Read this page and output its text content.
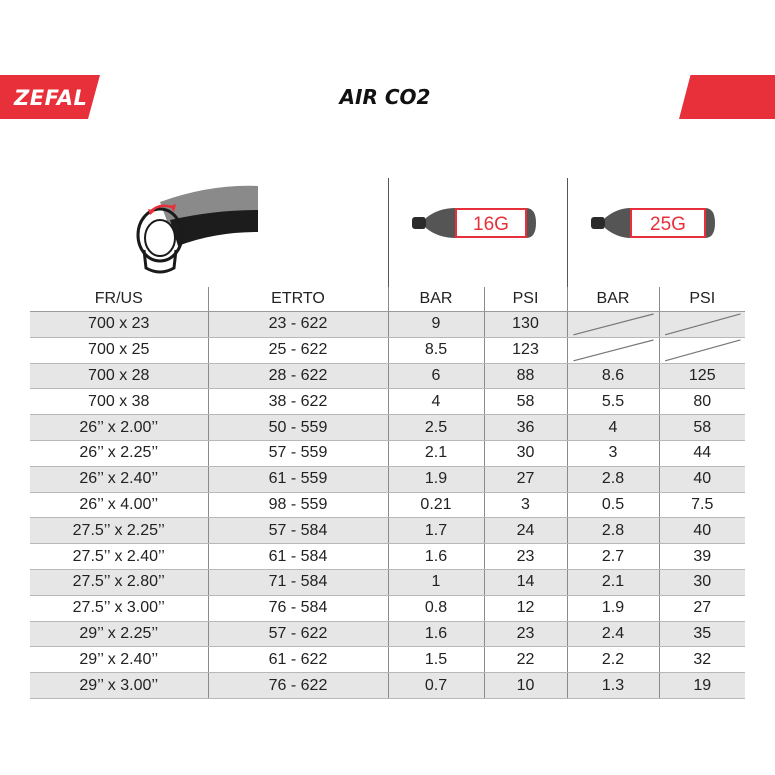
ZEFAL	AIR CO2
16G	25G
FR/US	ETRTO	BAR	PSI	BAR	PSI
700 x 23	23 - 622	9	130	

700 x 25	25 - 622	8.5	123	

700 x 28	28 - 622	6	88	8.6	125
700 x 38	38 - 622	4	58	5.5	80
26’’ x 2.00’’	50 - 559	2.5	36	4	58
26’’ x 2.25’’	57 - 559	2.1	30	3	44
26’’ x 2.40’’	61 - 559	1.9	27	2.8	40
26’’ x 4.00’’	98 - 559	0.21	3	0.5	7.5
27.5’’ x 2.25’’	57 - 584	1.7	24	2.8	40
27.5’’ x 2.40’’	61 - 584	1.6	23	2.7	39
27.5’’ x 2.80’’	71 - 584	1	14	2.1	30
27.5’’ x 3.00’’	76 - 584	0.8	12	1.9	27
29’’ x 2.25’’	57 - 622	1.6	23	2.4	35
29’’ x 2.40’’	61 - 622	1.5	22	2.2	32
29’’ x 3.00’’	76 - 622	0.7	10	1.3	19
